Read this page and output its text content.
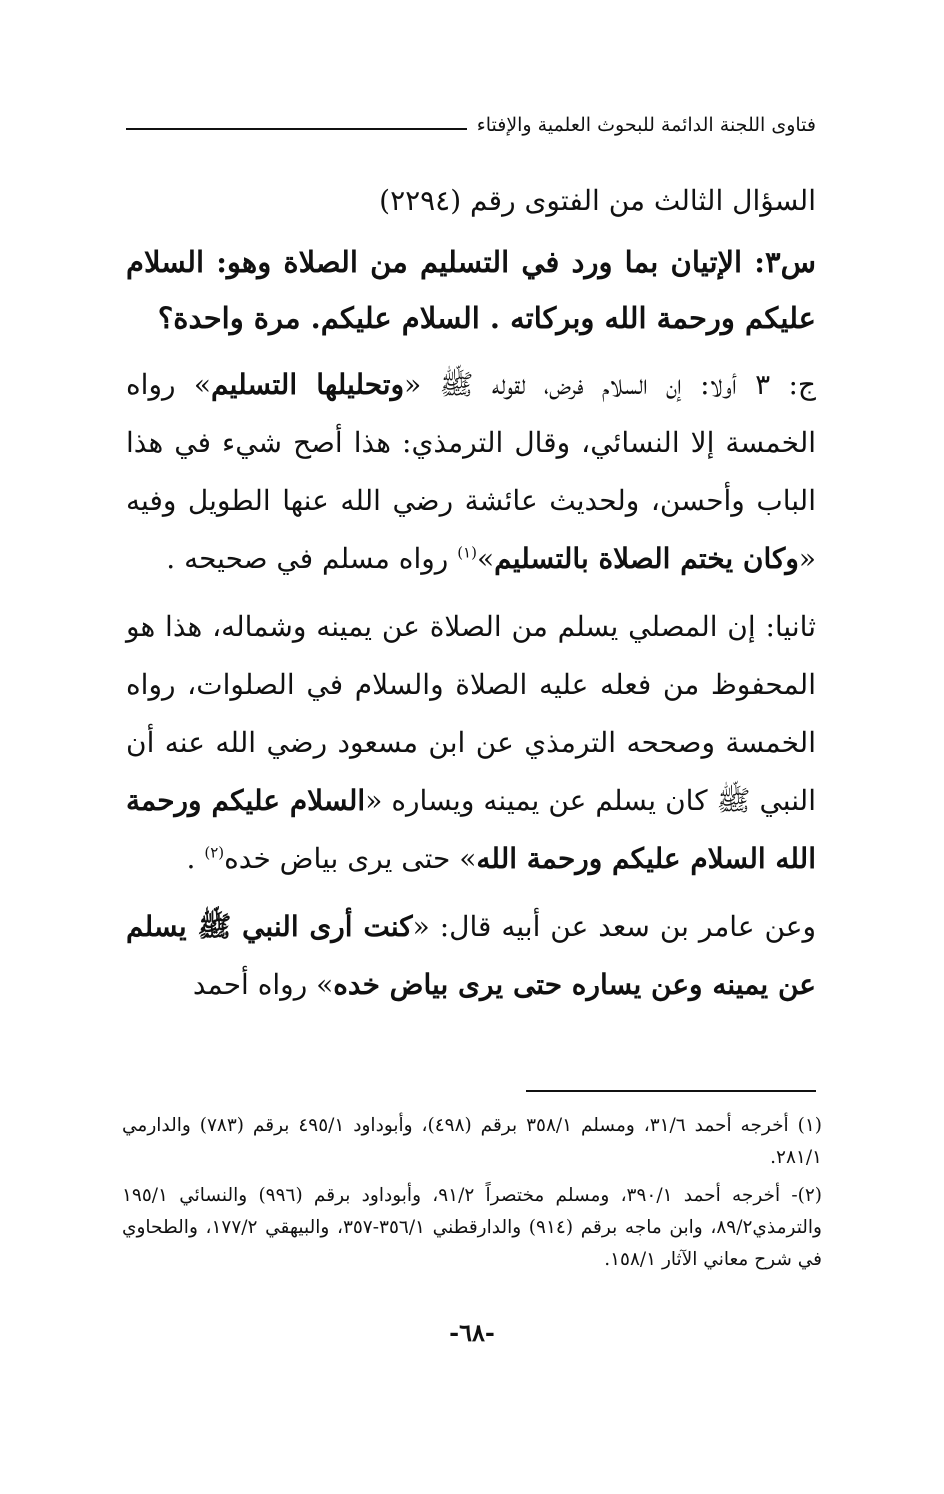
فتاوى اللجنة الدائمة للبحوث العلمية والإفتاء

السؤال الثالث من الفتوى رقم (٢٢٩٤)

س٣: الإتيان بما ورد في التسليم من الصلاة وهو: السلام عليكم ورحمة الله وبركاته . السلام عليكم. مرة واحدة؟

ج: ٣ أولا: إن السلام فرض، لقوله ﷺ «وتحليلها التسليم» رواه الخمسة إلا النسائي، وقال الترمذي: هذا أصح شيء في هذا الباب وأحسن، ولحديث عائشة رضي الله عنها الطويل وفيه «وكان يختم الصلاة بالتسليم»$^{(١)}$ رواه مسلم في صحيحه .

ثانيا: إن المصلي يسلم من الصلاة عن يمينه وشماله، هذا هو المحفوظ من فعله عليه الصلاة والسلام في الصلوات، رواه الخمسة وصححه الترمذي عن ابن مسعود رضي الله عنه أن النبي ﷺ كان يسلم عن يمينه ويساره «السلام عليكم ورحمة الله السلام عليكم ورحمة الله» حتى يرى بياض خده$^{(٢)}$ .

وعن عامر بن سعد عن أبيه قال: «كنت أرى النبي ﷺ يسلم عن يمينه وعن يساره حتى يرى بياض خده» رواه أحمد

(١) أخرجه أحمد ٣١/٦، ومسلم ٣٥٨/١ برقم (٤٩٨)، وأبوداود ٤٩٥/١ برقم (٧٨٣) والدارمي ٢٨١/١.

(٢)- أخرجه أحمد ٣٩٠/١، ومسلم مختصراً ٩١/٢، وأبوداود برقم (٩٩٦) والنسائي ١٩٥/١ والترمذي٨٩/٢، وابن ماجه برقم (٩١٤) والدارقطني ٣٥٦/١-٣٥٧، والبيهقي ١٧٧/٢، والطحاوي في شرح معاني الآثار ١٥٨/١.

-٦٨-
